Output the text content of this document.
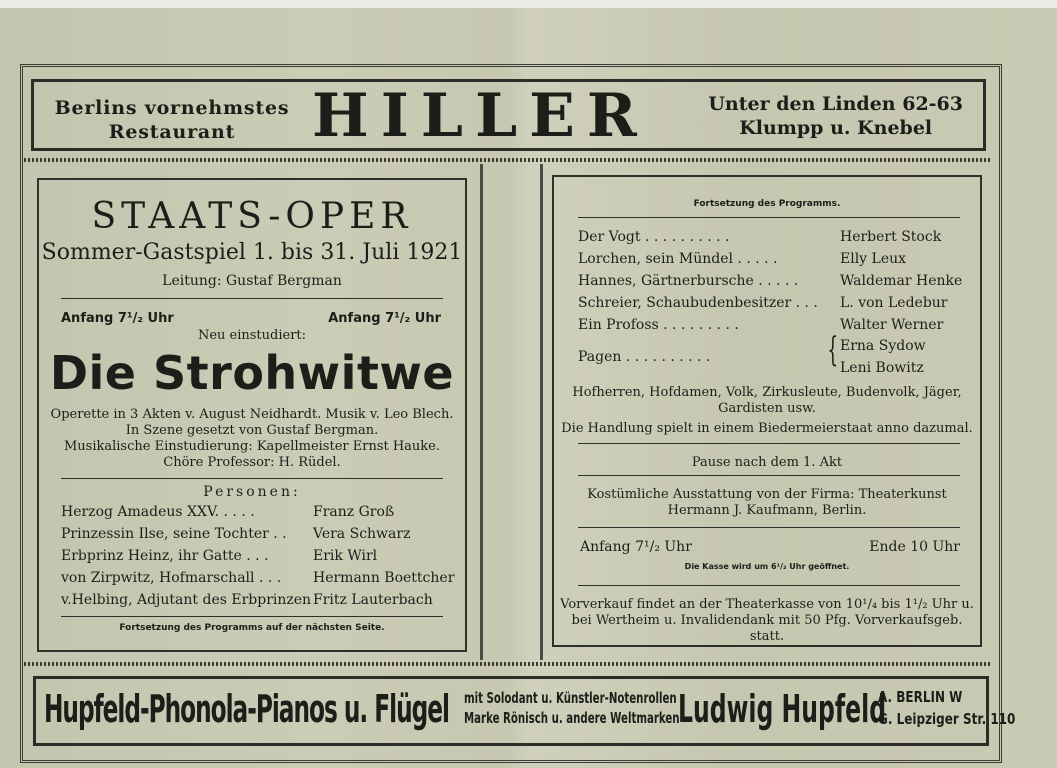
Berlins vornehmstes
Restaurant	HILLER	Unter den Linden 62-63
Klumpp u. Knebel
STAATS-OPER
Sommer-Gastspiel 1. bis 31. Juli 1921
Leitung: Gustaf Bergman
Anfang 7¹/₂ Uhr	Anfang 7¹/₂ Uhr
Neu einstudiert:
Die Strohwitwe
Operette in 3 Akten v. August Neidhardt. Musik v. Leo Blech.
In Szene gesetzt von Gustaf Bergman.
Musikalische Einstudierung: Kapellmeister Ernst Hauke.
Chöre Professor: H. Rüdel.
Personen:
Herzog Amadeus XXV. . . . .	Franz Groß
Prinzessin Ilse, seine Tochter . . Vera Schwarz
Erbprinz Heinz, ihr Gatte . . .	Erik Wirl
von Zirpwitz, Hofmarschall . . . Hermann Boettcher
v.Helbing, Adjutant des Erbprinzen Fritz Lauterbach
Fortsetzung des Programms auf der nächsten Seite.
Fortsetzung des Programms.
Der Vogt . . . . . . . . . .	Herbert Stock
Lorchen, sein Mündel . . . . .	Elly Leux
Hannes, Gärtnerbursche . . . . .	Waldemar Henke
Schreier, Schaubudenbesitzer . . . L. von Ledebur
Ein Profoss . . . . . . . . .	Walter Werner
Pagen . . . . . . . . . .	{ Erna Sydow
Leni Bowitz
Hofherren, Hofdamen, Volk, Zirkusleute, Budenvolk, Jäger,
Gardisten usw.
Die Handlung spielt in einem Biedermeierstaat anno dazumal.
Pause nach dem 1. Akt
Kostümliche Ausstattung von der Firma: Theaterkunst
Hermann J. Kaufmann, Berlin.
Anfang 7¹/₂ Uhr	Ende 10 Uhr
Die Kasse wird um 6¹/₂ Uhr geöffnet.
Vorverkauf findet an der Theaterkasse von 10¹/₄ bis 1¹/₂ Uhr u.
bei Wertheim u. Invalidendank mit 50 Pfg. Vorverkaufsgeb. statt.
Hupfeld-Phonola-Pianos u. Flügel mit Solodant u. Künstler-Notenrollen
Marke Rönisch u. andere Weltmarken
Ludwig Hupfeld
A. BERLIN W
G. Leipziger Str. 110
